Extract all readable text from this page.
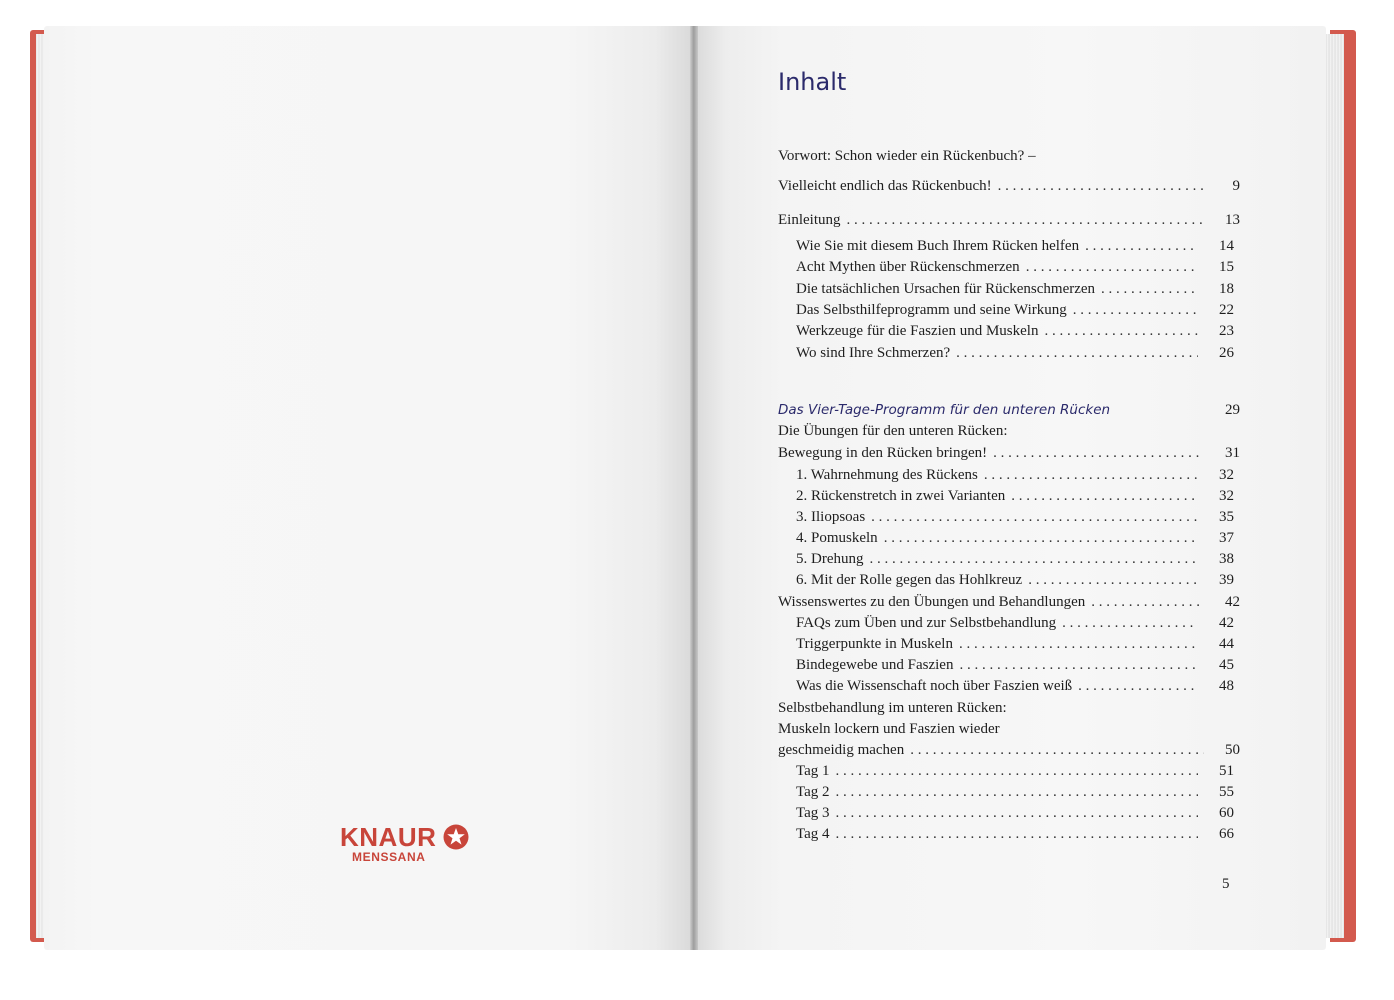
KNAUR
MENSSANA
Inhalt
Vorwort: Schon wieder ein Rückenbuch? –
Vielleicht endlich das Rückenbuch! . . .	9
Einleitung . . .	13
Wie Sie mit diesem Buch Ihrem Rücken helfen . . .	14
Acht Mythen über Rückenschmerzen . . .	15
Die tatsächlichen Ursachen für Rückenschmerzen . . .	18
Das Selbsthilfeprogramm und seine Wirkung . . .	22
Werkzeuge für die Faszien und Muskeln . . .	23
Wo sind Ihre Schmerzen? . . .	26
Das Vier-Tage-Programm für den unteren Rücken	29
Die Übungen für den unteren Rücken:
Bewegung in den Rücken bringen! . . .	31
1. Wahrnehmung des Rückens . . .	32
2. Rückenstretch in zwei Varianten . . .	32
3. Iliopsoas . . .	35
4. Pomuskeln . . .	37
5. Drehung . . .	38
6. Mit der Rolle gegen das Hohlkreuz . . .	39
Wissenswertes zu den Übungen und Behandlungen . . .	42
FAQs zum Üben und zur Selbstbehandlung . . .	42
Triggerpunkte in Muskeln . . .	44
Bindegewebe und Faszien . . .	45
Was die Wissenschaft noch über Faszien weiß . . .	48
Selbstbehandlung im unteren Rücken:
Muskeln lockern und Faszien wieder
geschmeidig machen . . .	50
Tag 1 . . .	51
Tag 2 . . .	55
Tag 3 . . .	60
Tag 4 . . .	66
5
